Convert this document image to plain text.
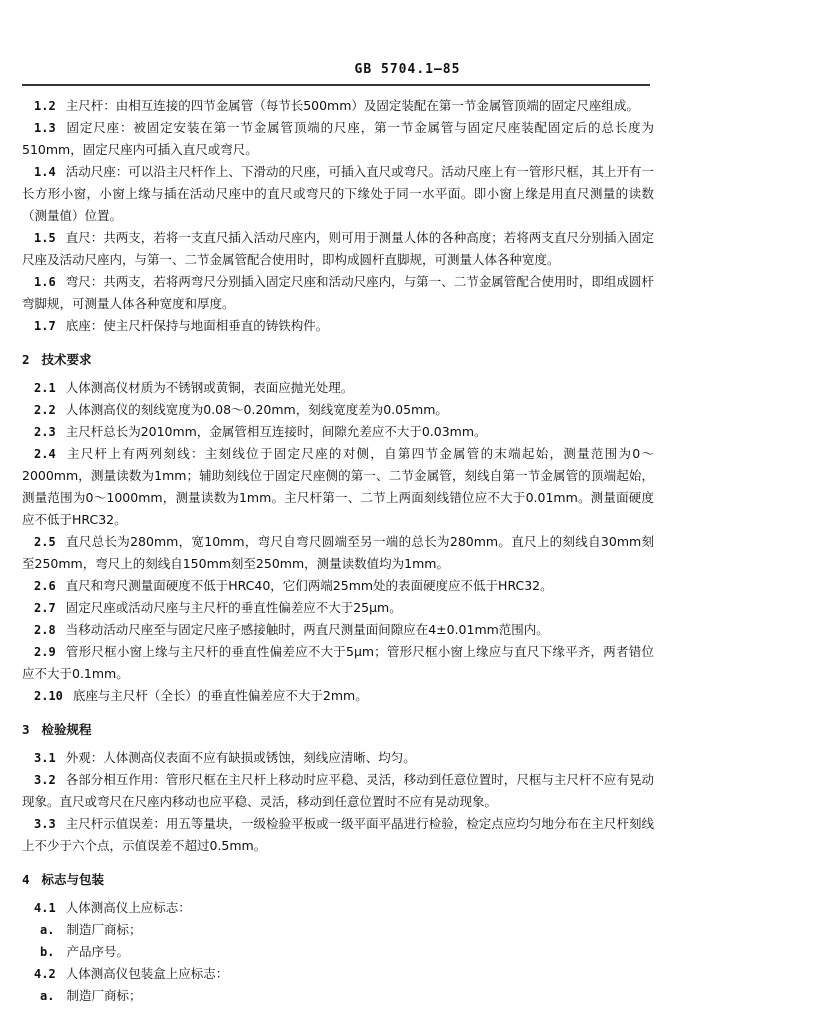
GB 5704.1—85

1.2 主尺杆：由相互连接的四节金属管（每节长500mm）及固定装配在第一节金属管顶端的固定尺座组成。

1.3 固定尺座：被固定安装在第一节金属管顶端的尺座，第一节金属管与固定尺座装配固定后的总长度为510mm，固定尺座内可插入直尺或弯尺。

1.4 活动尺座：可以沿主尺杆作上、下滑动的尺座，可插入直尺或弯尺。活动尺座上有一管形尺框，其上开有一长方形小窗，小窗上缘与插在活动尺座中的直尺或弯尺的下缘处于同一水平面。即小窗上缘是用直尺测量的读数（测量值）位置。

1.5 直尺：共两支，若将一支直尺插入活动尺座内，则可用于测量人体的各种高度；若将两支直尺分别插入固定尺座及活动尺座内，与第一、二节金属管配合使用时，即构成圆杆直脚规，可测量人体各种宽度。

1.6 弯尺：共两支，若将两弯尺分别插入固定尺座和活动尺座内，与第一、二节金属管配合使用时，即组成圆杆弯脚规，可测量人体各种宽度和厚度。

1.7 底座：使主尺杆保持与地面相垂直的铸铁构件。

2 技术要求

2.1 人体测高仪材质为不锈钢或黄铜，表面应抛光处理。

2.2 人体测高仪的刻线宽度为0.08～0.20mm，刻线宽度差为0.05mm。

2.3 主尺杆总长为2010mm，金属管相互连接时，间隙允差应不大于0.03mm。

2.4 主尺杆上有两列刻线：主刻线位于固定尺座的对侧，自第四节金属管的末端起始，测量范围为0～2000mm，测量读数为1mm；辅助刻线位于固定尺座侧的第一、二节金属管，刻线自第一节金属管的顶端起始，测量范围为0～1000mm，测量读数为1mm。主尺杆第一、二节上两面刻线错位应不大于0.01mm。测量面硬度应不低于HRC32。

2.5 直尺总长为280mm，宽10mm，弯尺自弯尺圆端至另一端的总长为280mm。直尺上的刻线自30mm刻至250mm，弯尺上的刻线自150mm刻至250mm，测量读数值均为1mm。

2.6 直尺和弯尺测量面硬度不低于HRC40，它们两端25mm处的表面硬度应不低于HRC32。

2.7 固定尺座或活动尺座与主尺杆的垂直性偏差应不大于25μm。

2.8 当移动活动尺座至与固定尺座子感接触时，两直尺测量面间隙应在4±0.01mm范围内。

2.9 管形尺框小窗上缘与主尺杆的垂直性偏差应不大于5μm；管形尺框小窗上缘应与直尺下缘平齐，两者错位应不大于0.1mm。

2.10 底座与主尺杆（全长）的垂直性偏差应不大于2mm。

3 检验规程

3.1 外观：人体测高仪表面不应有缺损或锈蚀，刻线应清晰、均匀。

3.2 各部分相互作用：管形尺框在主尺杆上移动时应平稳、灵活，移动到任意位置时，尺框与主尺杆不应有晃动现象。直尺或弯尺在尺座内移动也应平稳、灵活，移动到任意位置时不应有晃动现象。

3.3 主尺杆示值误差：用五等量块，一级检验平板或一级平面平晶进行检验，检定点应均匀地分布在主尺杆刻线上不少于六个点，示值误差不超过0.5mm。

4 标志与包装

4.1 人体测高仪上应标志：

a. 制造厂商标；

b. 产品序号。

4.2 人体测高仪包装盒上应标志：

a. 制造厂商标；
